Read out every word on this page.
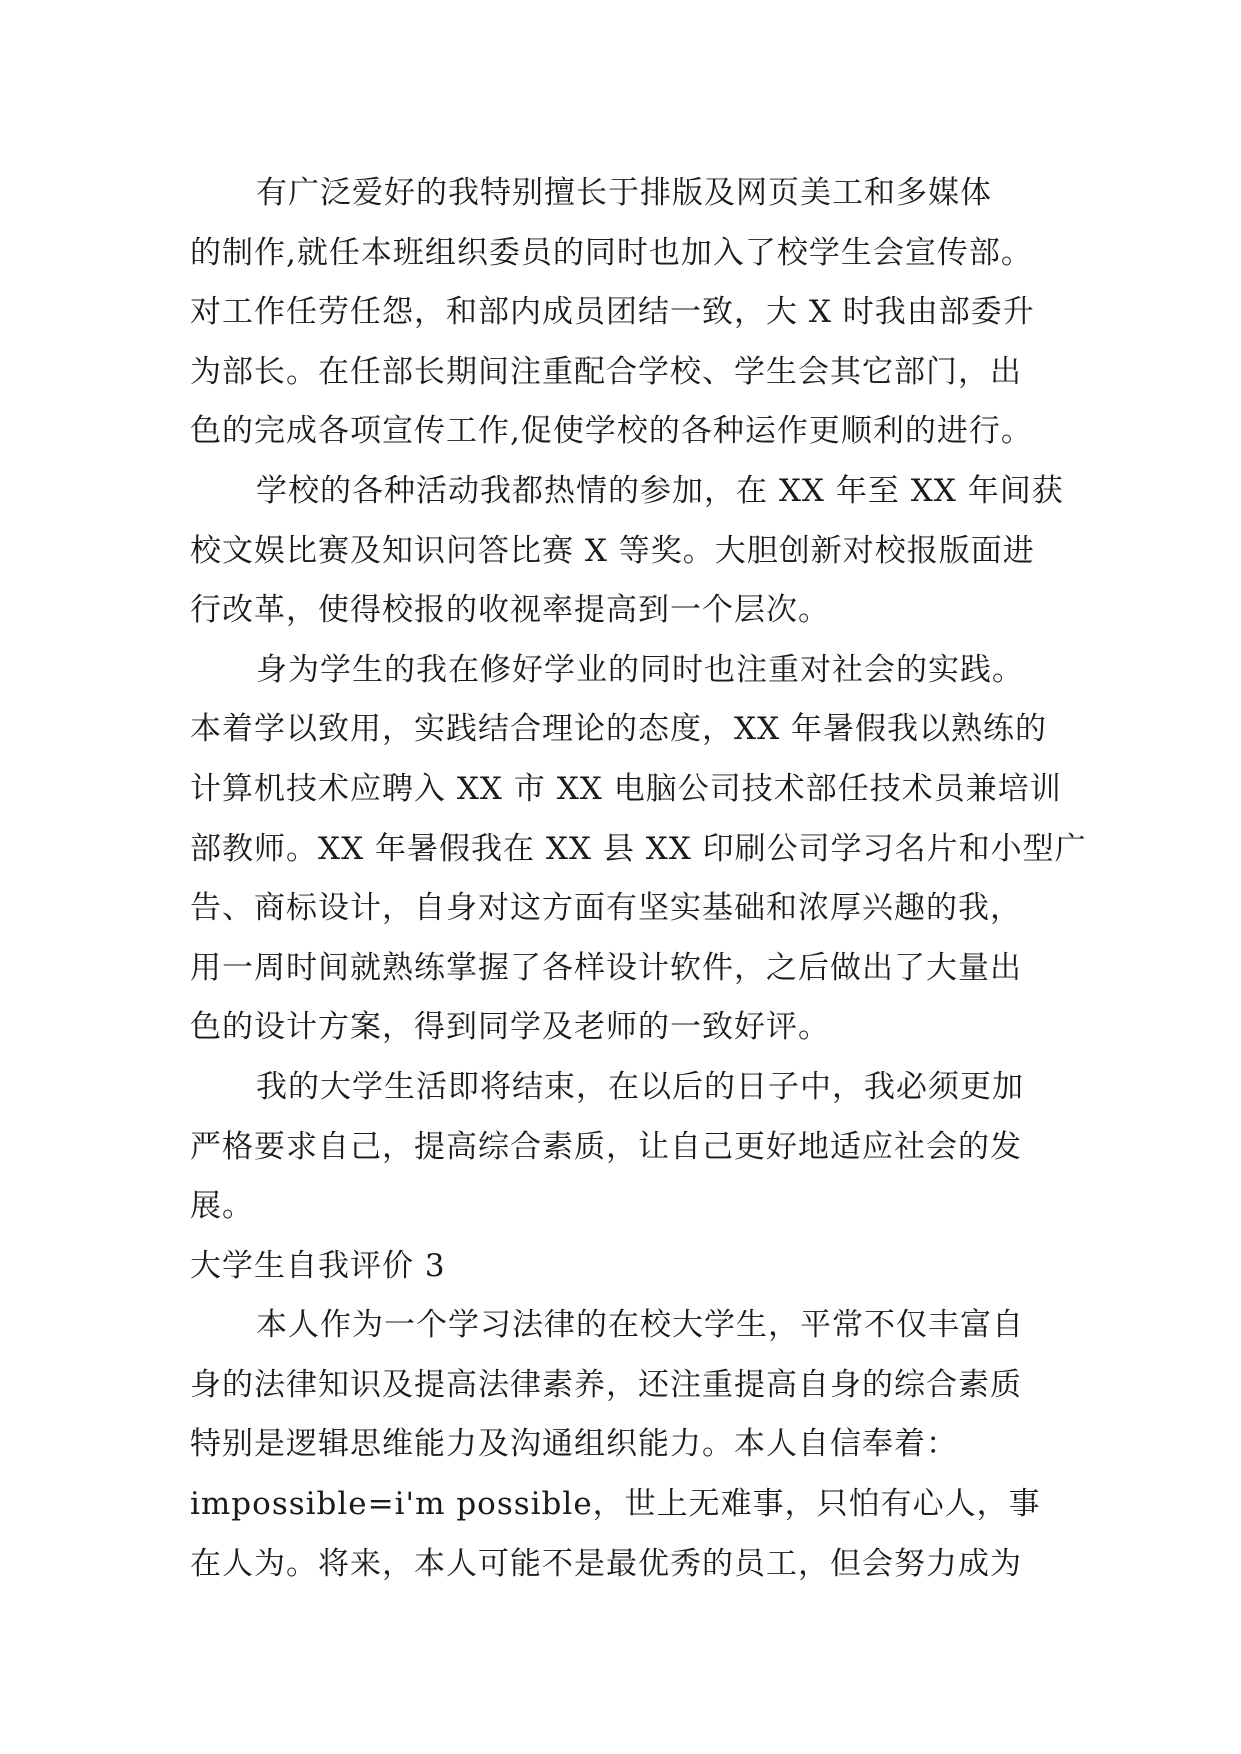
有广泛爱好的我特别擅长于排版及网页美工和多媒体
的制作,就任本班组织委员的同时也加入了校学生会宣传部。
对工作任劳任怨，和部内成员团结一致，大 X 时我由部委升
为部长。在任部长期间注重配合学校、学生会其它部门，出
色的完成各项宣传工作,促使学校的各种运作更顺利的进行。
学校的各种活动我都热情的参加，在 XX 年至 XX 年间获
校文娱比赛及知识问答比赛 X 等奖。大胆创新对校报版面进
行改革，使得校报的收视率提高到一个层次。
身为学生的我在修好学业的同时也注重对社会的实践。
本着学以致用，实践结合理论的态度，XX 年暑假我以熟练的
计算机技术应聘入 XX 市 XX 电脑公司技术部任技术员兼培训
部教师。XX 年暑假我在 XX 县 XX 印刷公司学习名片和小型广
告、商标设计，自身对这方面有坚实基础和浓厚兴趣的我，
用一周时间就熟练掌握了各样设计软件，之后做出了大量出
色的设计方案，得到同学及老师的一致好评。
我的大学生活即将结束，在以后的日子中，我必须更加
严格要求自己，提高综合素质，让自己更好地适应社会的发
展。
大学生自我评价 3
本人作为一个学习法律的在校大学生，平常不仅丰富自
身的法律知识及提高法律素养，还注重提高自身的综合素质
特别是逻辑思维能力及沟通组织能力。本人自信奉着：
impossible=i'm possible，世上无难事，只怕有心人，事
在人为。将来，本人可能不是最优秀的员工，但会努力成为
